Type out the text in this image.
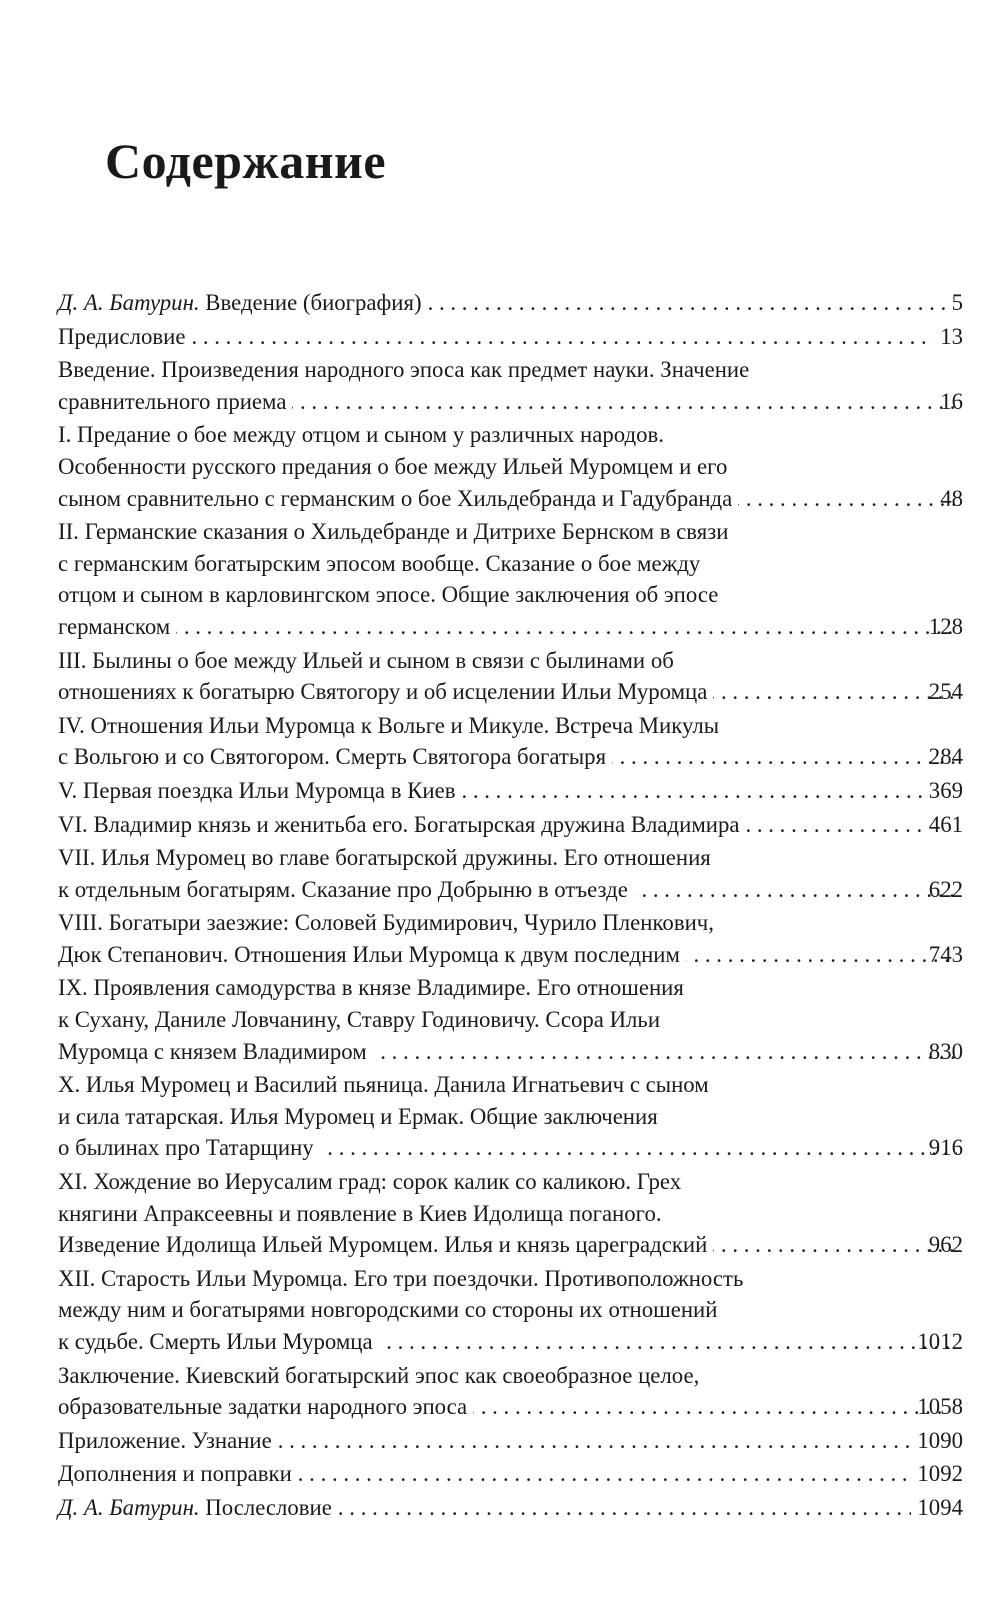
Содержание
Д. А. Батурин. Введение (биография) . . .	5
Предисловие . . .	13
Введение. Произведения народного эпоса как предмет науки. Значение
сравнительного приема . . .	16
I. Предание о бое между отцом и сыном у различных народов.
Особенности русского предания о бое между Ильей Муромцем и его
сыном сравнительно с германским о бое Хильдебранда и Гадубранда . . .	48
II. Германские сказания о Хильдебранде и Дитрихе Бернском в связи
с германским богатырским эпосом вообще. Сказание о бое между
отцом и сыном в карловингском эпосе. Общие заключения об эпосе
германском . . .	128
III. Былины о бое между Ильей и сыном в связи с былинами об
отношениях к богатырю Святогору и об исцелении Ильи Муромца . . .	254
IV. Отношения Ильи Муромца к Вольге и Микуле. Встреча Микулы
с Вольгою и со Святогором. Смерть Святогора богатыря . . .	284
V. Первая поездка Ильи Муромца в Киев . . .	369
VI. Владимир князь и женитьба его. Богатырская дружина Владимира . . .	461
VII. Илья Муромец во главе богатырской дружины. Его отношения
к отдельным богатырям. Сказание про Добрыню в отъезде . . .	622
VIII. Богатыри заезжие: Соловей Будимирович, Чурило Пленкович,
Дюк Степанович. Отношения Ильи Муромца к двум последним . . .	743
IX. Проявления самодурства в князе Владимире. Его отношения
к Сухану, Даниле Ловчанину, Ставру Годиновичу. Ссора Ильи
Муромца с князем Владимиром . . .	830
X. Илья Муромец и Василий пьяница. Данила Игнатьевич с сыном
и сила татарская. Илья Муромец и Ермак. Общие заключения
о былинах про Татарщину . . .	916
XI. Хождение во Иерусалим град: сорок калик со каликою. Грех
княгини Апраксеевны и появление в Киев Идолища поганого.
Изведение Идолища Ильей Муромцем. Илья и князь цареградский . . .	962
XII. Старость Ильи Муромца. Его три поездочки. Противоположность
между ним и богатырями новгородскими со стороны их отношений
к судьбе. Смерть Ильи Муромца . . .	1012
Заключение. Киевский богатырский эпос как своеобразное целое,
образовательные задатки народного эпоса . . .	1058
Приложение. Узнание . . .	1090
Дополнения и поправки . . .	1092
Д. А. Батурин. Послесловие . . .	1094
